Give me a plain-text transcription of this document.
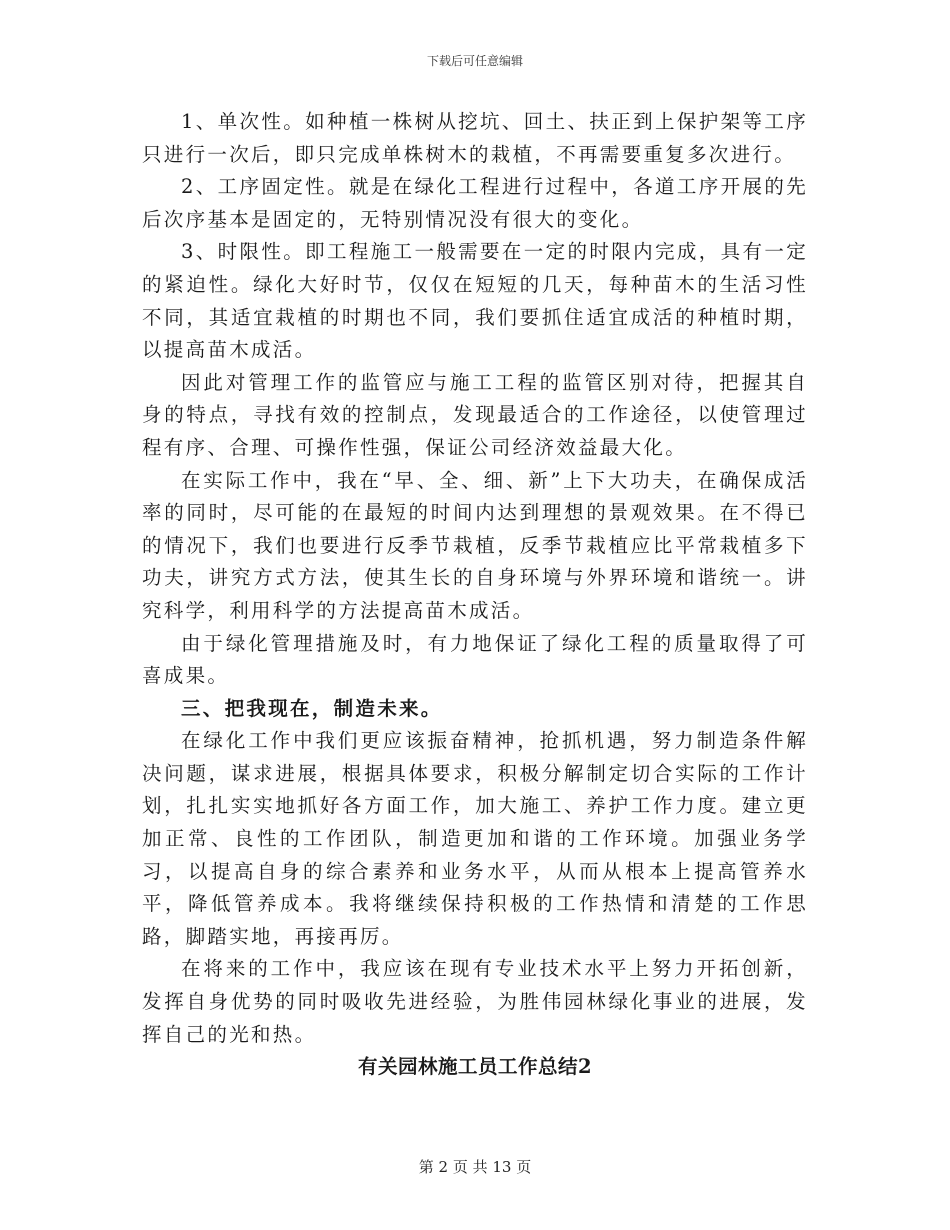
下载后可任意编辑

1、单次性。如种植一株树从挖坑、回土、扶正到上保护架等工序只进行一次后，即只完成单株树木的栽植，不再需要重复多次进行。

2、工序固定性。就是在绿化工程进行过程中，各道工序开展的先后次序基本是固定的，无特别情况没有很大的变化。

3、时限性。即工程施工一般需要在一定的时限内完成，具有一定的紧迫性。绿化大好时节，仅仅在短短的几天，每种苗木的生活习性不同，其适宜栽植的时期也不同，我们要抓住适宜成活的种植时期，以提高苗木成活。

因此对管理工作的监管应与施工工程的监管区别对待，把握其自身的特点，寻找有效的控制点，发现最适合的工作途径，以使管理过程有序、合理、可操作性强，保证公司经济效益最大化。

在实际工作中，我在“早、全、细、新”上下大功夫，在确保成活率的同时，尽可能的在最短的时间内达到理想的景观效果。在不得已的情况下，我们也要进行反季节栽植，反季节栽植应比平常栽植多下功夫，讲究方式方法，使其生长的自身环境与外界环境和谐统一。讲究科学，利用科学的方法提高苗木成活。

由于绿化管理措施及时，有力地保证了绿化工程的质量取得了可喜成果。

三、把我现在，制造未来。

在绿化工作中我们更应该振奋精神，抢抓机遇，努力制造条件解决问题，谋求进展，根据具体要求，积极分解制定切合实际的工作计划，扎扎实实地抓好各方面工作，加大施工、养护工作力度。建立更加正常、良性的工作团队，制造更加和谐的工作环境。加强业务学习，以提高自身的综合素养和业务水平，从而从根本上提高管养水平，降低管养成本。我将继续保持积极的工作热情和清楚的工作思路，脚踏实地，再接再厉。

在将来的工作中，我应该在现有专业技术水平上努力开拓创新，发挥自身优势的同时吸收先进经验，为胜伟园林绿化事业的进展，发挥自己的光和热。

有关园林施工员工作总结2

第 2 页 共 13 页
